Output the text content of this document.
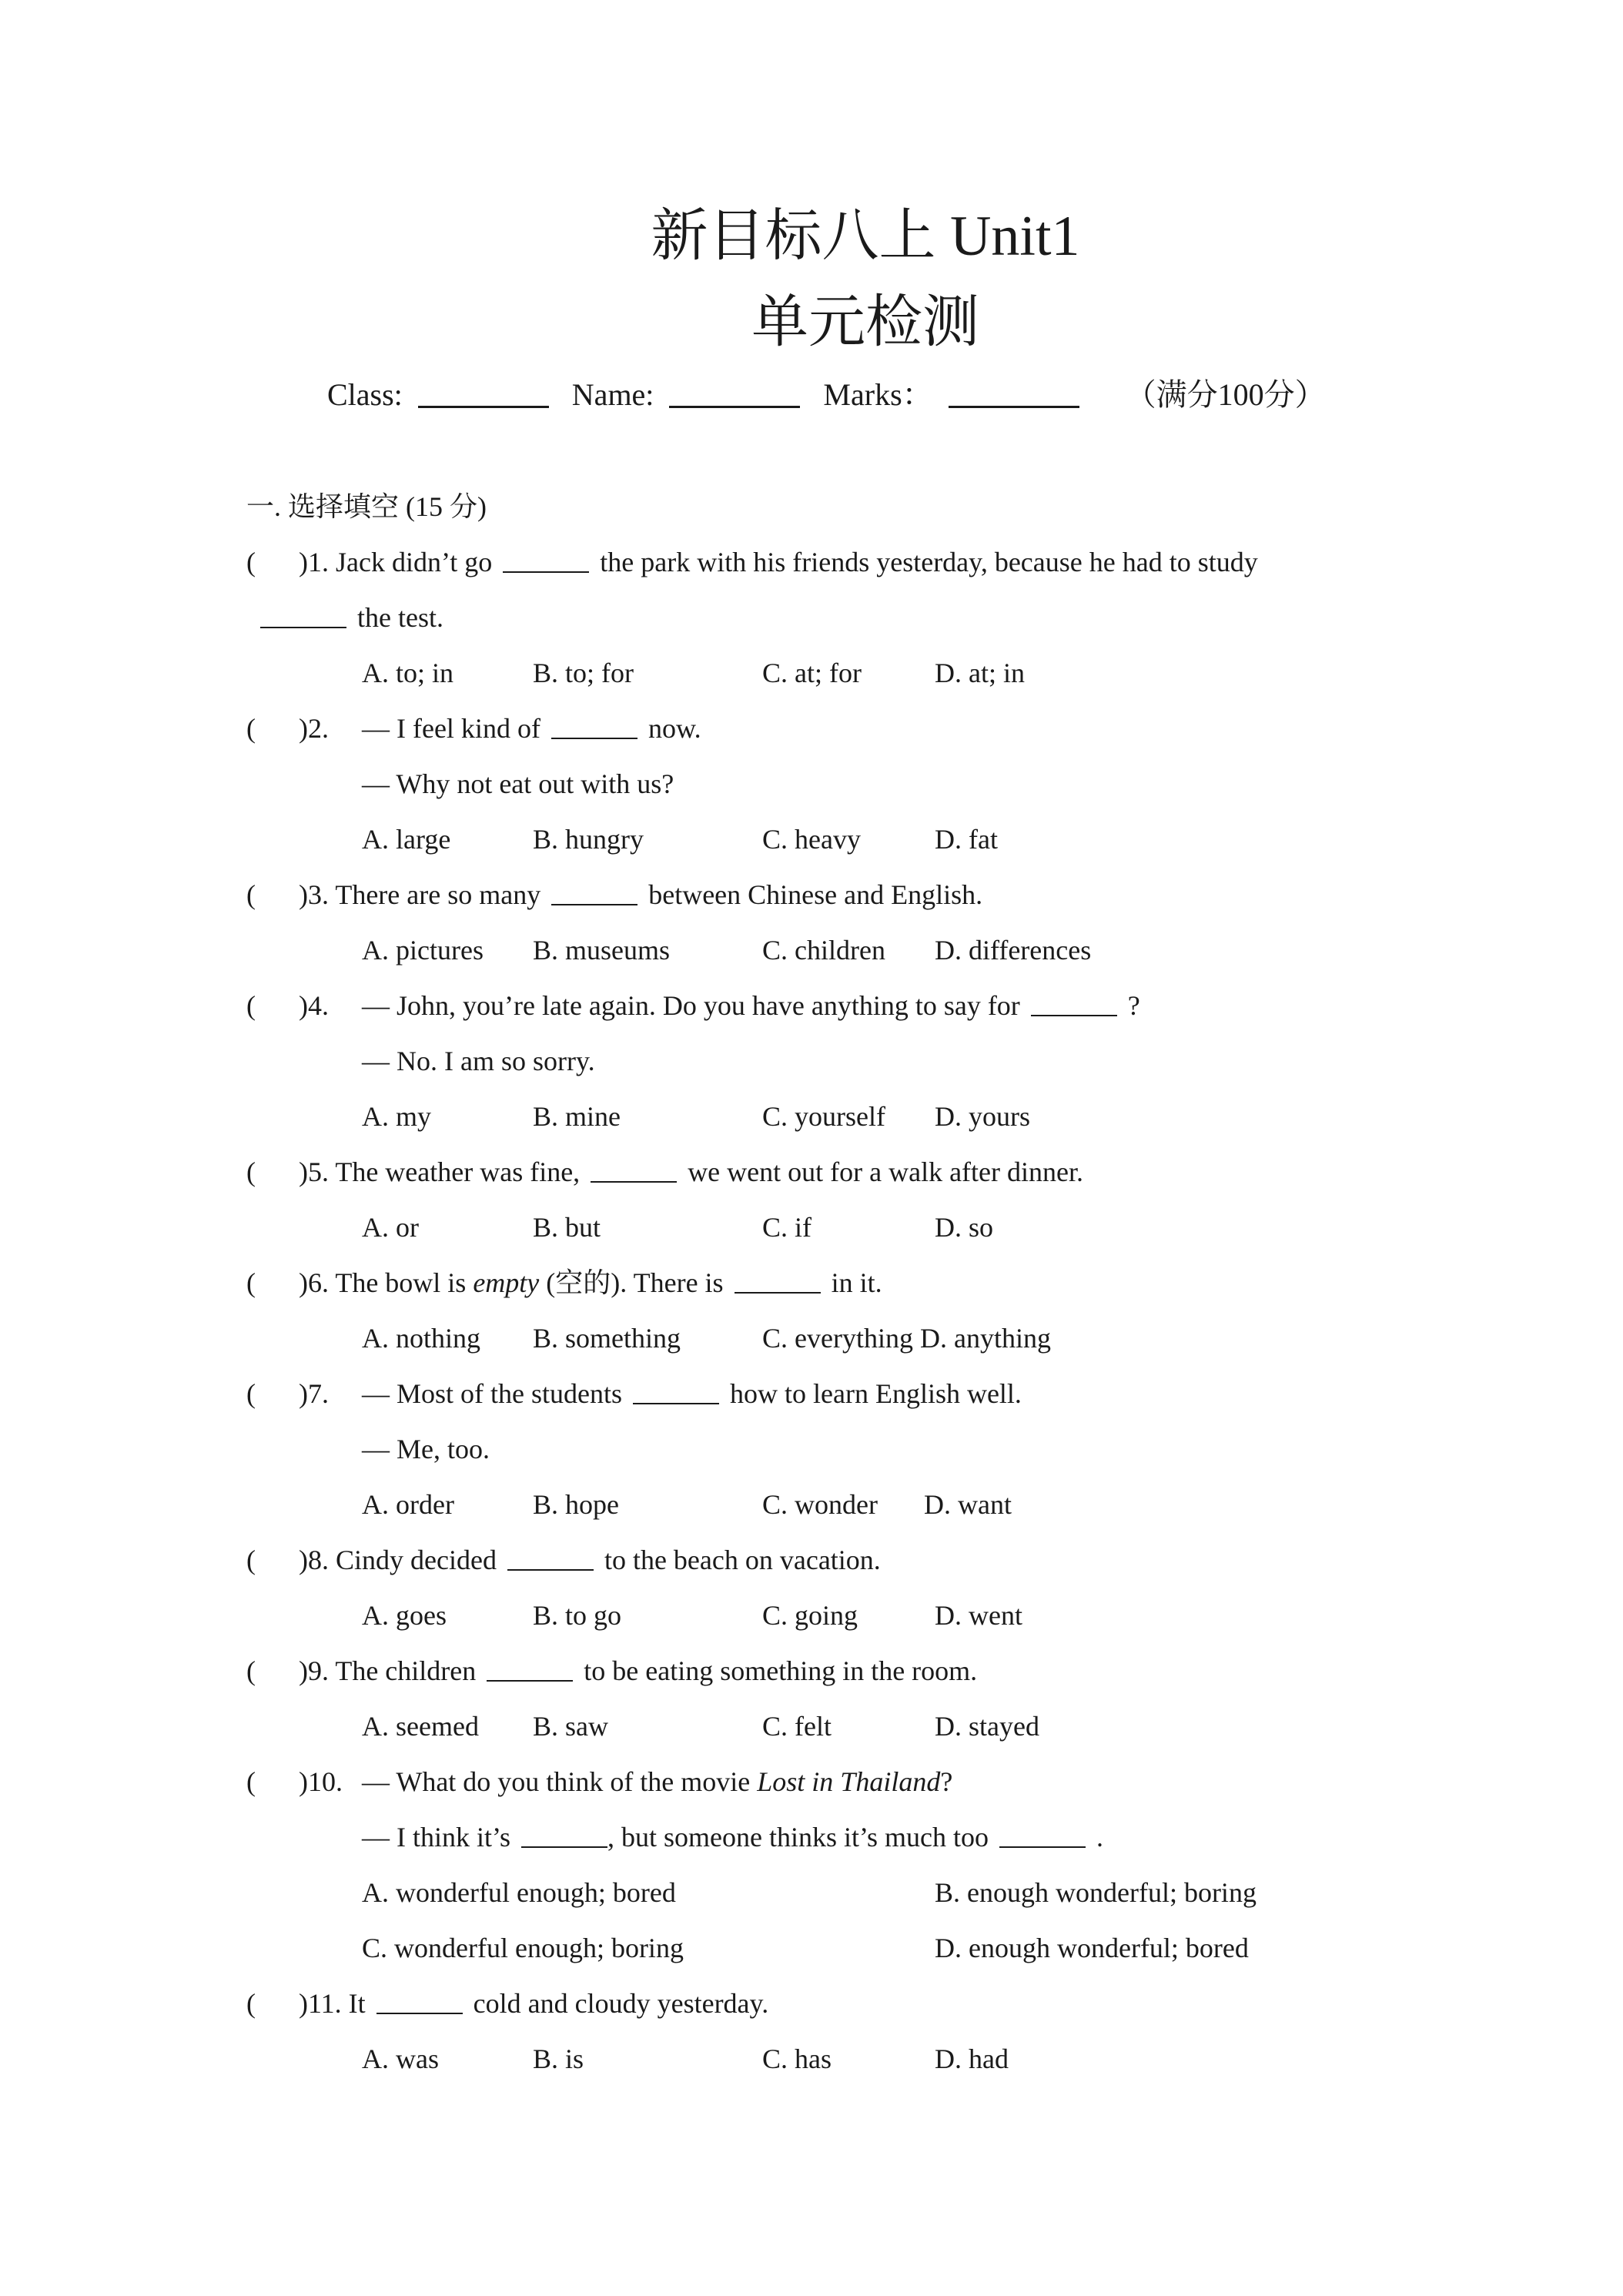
新目标八上 Unit1
单元检测
Class:	Name:	Marks：	（满分100分）
一. 选择填空 (15 分)
( )1. Jack didn’t go	the park with his friends yesterday, because he had to study
the test.
A. to; in	B. to; for	C. at; for	D. at; in
( )2. — I feel kind of	now.
— Why not eat out with us?
A. large	B. hungry	C. heavy	D. fat
( )3. There are so many	between Chinese and English.
A. pictures B. museums	C. children D. differences
( )4. — John, you’re late again. Do you have anything to say for	?
— No. I am so sorry.
A. my	B. mine	C. yourself D. yours
( )5. The weather was fine,	we went out for a walk after dinner.
A. or	B. but	C. if	D. so
( )6. The bowl is empty (空的). There is	in it.
A. nothing B. something	C. everything D. anything
( )7. — Most of the students	how to learn English well.
— Me, too.
A. order	B. hope	C. wonder D. want
( )8. Cindy decided	to the beach on vacation.
A. goes	B. to go	C. going	D. went
( )9. The children	to be eating something in the room.
A. seemed B. saw	C. felt	D. stayed
( )10. — What do you think of the movie Lost in Thailand?
— I think it’s	, but someone thinks it’s much too	.
A. wonderful enough; bored	B. enough wonderful; boring
C. wonderful enough; boring	D. enough wonderful; bored
( )11. It	cold and cloudy yesterday.
A. was	B. is	C. has	D. had
